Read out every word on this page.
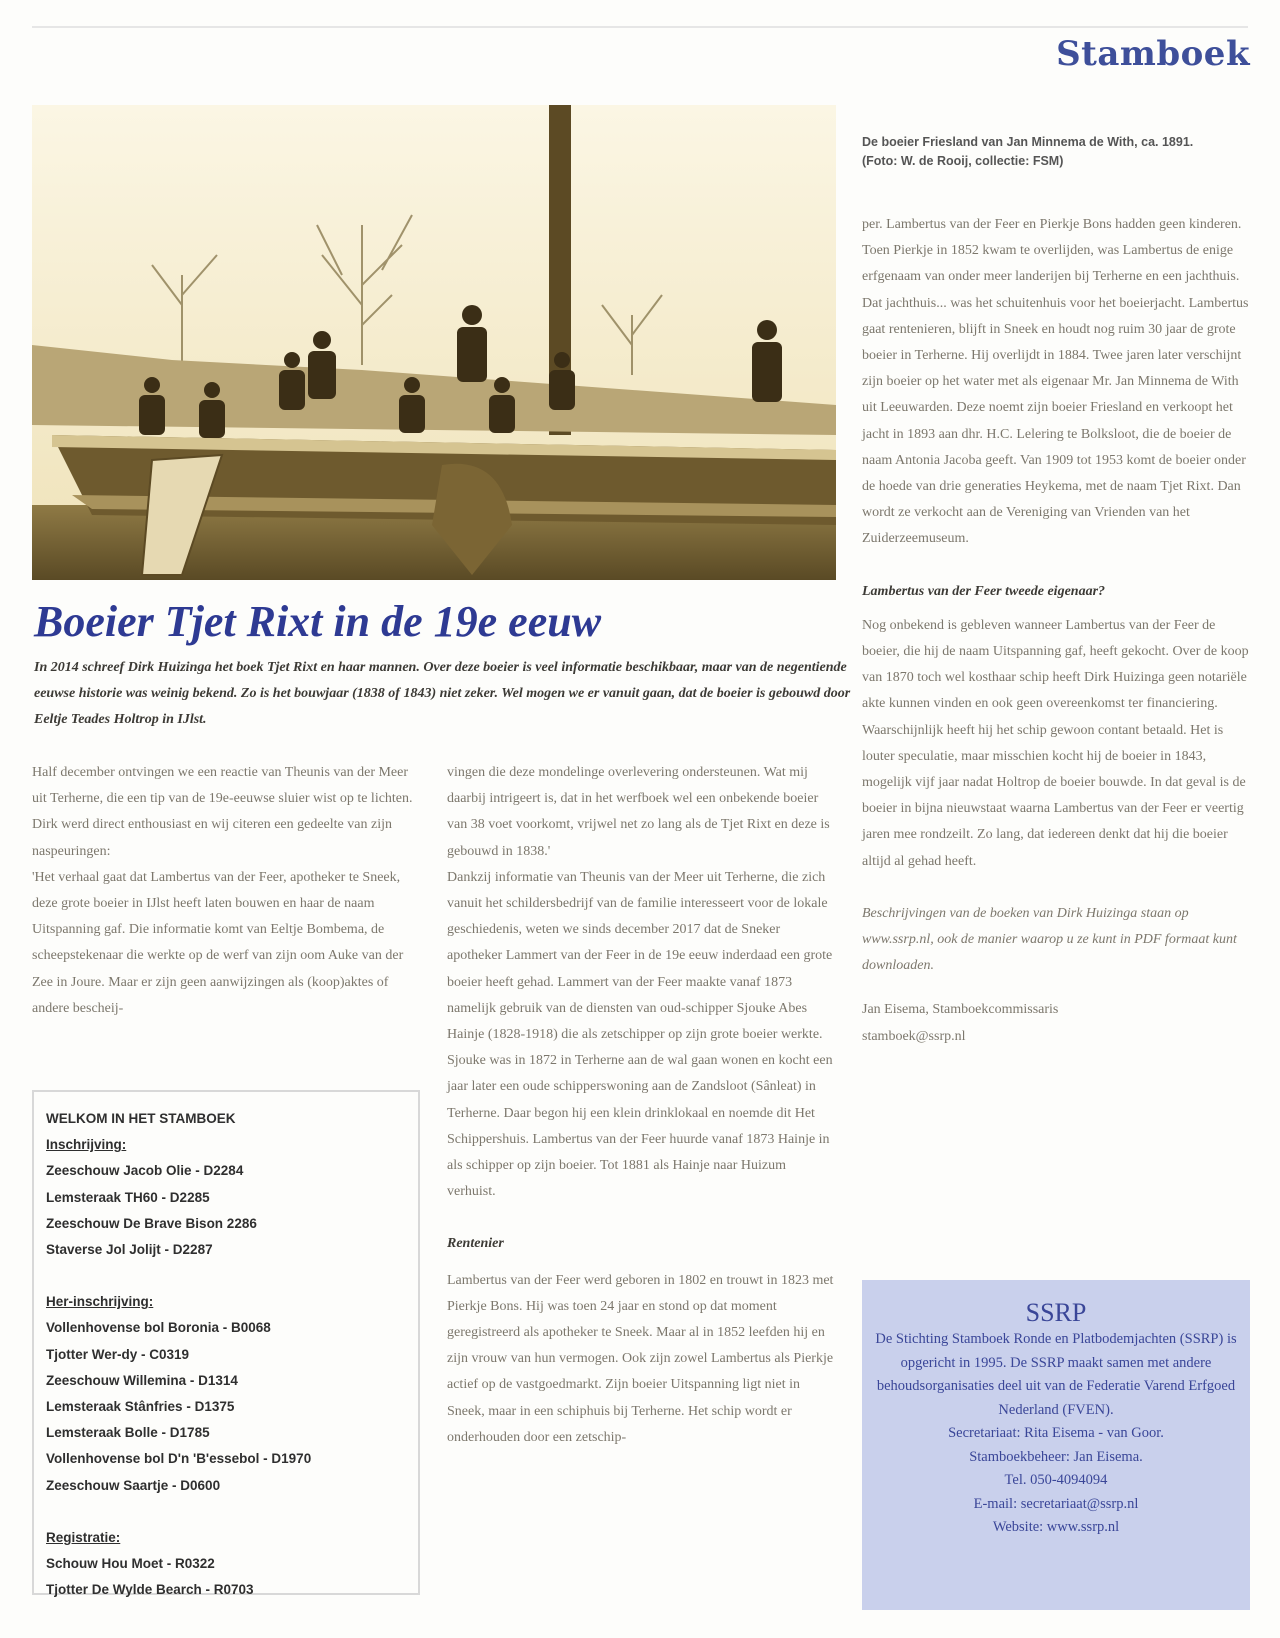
Stamboek
De boeier Friesland van Jan Minnema de With, ca. 1891. (Foto: W. de Rooij, collectie: FSM)
Boeier Tjet Rixt in de 19e eeuw

In 2014 schreef Dirk Huizinga het boek Tjet Rixt en haar mannen. Over deze boeier is veel informatie beschikbaar, maar van de negentiende eeuwse historie was weinig bekend. Zo is het bouwjaar (1838 of 1843) niet zeker. Wel mogen we er vanuit gaan, dat de boeier is gebouwd door Eeltje Teades Holtrop in IJlst.

Half december ontvingen we een reactie van Theunis van der Meer uit Terherne, die een tip van de 19e-eeuwse sluier wist op te lichten. Dirk werd direct enthousiast en wij citeren een gedeelte van zijn naspeuringen:

'Het verhaal gaat dat Lambertus van der Feer, apotheker te Sneek, deze grote boeier in IJlst heeft laten bouwen en haar de naam Uitspanning gaf. Die informatie komt van Eeltje Bombema, de scheepstekenaar die werkte op de werf van zijn oom Auke van der Zee in Joure. Maar er zijn geen aanwijzingen als (koop)aktes of andere bescheij-

WELKOM IN HET STAMBOEK
Inschrijving:
Zeeschouw Jacob Olie - D2284
Lemsteraak TH60 - D2285
Zeeschouw De Brave Bison 2286
Staverse Jol Jolijt - D2287
Her-inschrijving:
Vollenhovense bol Boronia - B0068
Tjotter Wer-dy - C0319
Zeeschouw Willemina - D1314
Lemsteraak Stânfries - D1375
Lemsteraak Bolle - D1785
Vollenhovense bol D'n 'B'essebol - D1970
Zeeschouw Saartje - D0600
Registratie:
Schouw Hou Moet - R0322
Tjotter De Wylde Bearch - R0703

vingen die deze mondelinge overlevering ondersteunen. Wat mij daarbij intrigeert is, dat in het werfboek wel een onbekende boeier van 38 voet voorkomt, vrijwel net zo lang als de Tjet Rixt en deze is gebouwd in 1838.'

Dankzij informatie van Theunis van der Meer uit Terherne, die zich vanuit het schildersbedrijf van de familie interesseert voor de lokale geschiedenis, weten we sinds december 2017 dat de Sneker apotheker Lammert van der Feer in de 19e eeuw inderdaad een grote boeier heeft gehad. Lammert van der Feer maakte vanaf 1873 namelijk gebruik van de diensten van oud-schipper Sjouke Abes Hainje (1828-1918) die als zetschipper op zijn grote boeier werkte. Sjouke was in 1872 in Terherne aan de wal gaan wonen en kocht een jaar later een oude schipperswoning aan de Zandsloot (Sânleat) in Terherne. Daar begon hij een klein drinklokaal en noemde dit Het Schippershuis. Lambertus van der Feer huurde vanaf 1873 Hainje in als schipper op zijn boeier. Tot 1881 als Hainje naar Huizum verhuist.

Rentenier

Lambertus van der Feer werd geboren in 1802 en trouwt in 1823 met Pierkje Bons. Hij was toen 24 jaar en stond op dat moment geregistreerd als apotheker te Sneek. Maar al in 1852 leefden hij en zijn vrouw van hun vermogen. Ook zijn zowel Lambertus als Pierkje actief op de vastgoedmarkt. Zijn boeier Uitspanning ligt niet in Sneek, maar in een schiphuis bij Terherne. Het schip wordt er onderhouden door een zetschip-

per. Lambertus van der Feer en Pierkje Bons hadden geen kinderen. Toen Pierkje in 1852 kwam te overlijden, was Lambertus de enige erfgenaam van onder meer landerijen bij Terherne en een jachthuis. Dat jachthuis... was het schuitenhuis voor het boeierjacht. Lambertus gaat rentenieren, blijft in Sneek en houdt nog ruim 30 jaar de grote boeier in Terherne. Hij overlijdt in 1884. Twee jaren later verschijnt zijn boeier op het water met als eigenaar Mr. Jan Minnema de With uit Leeuwarden. Deze noemt zijn boeier Friesland en verkoopt het jacht in 1893 aan dhr. H.C. Lelering te Bolksloot, die de boeier de naam Antonia Jacoba geeft. Van 1909 tot 1953 komt de boeier onder de hoede van drie generaties Heykema, met de naam Tjet Rixt. Dan wordt ze verkocht aan de Vereniging van Vrienden van het Zuiderzeemuseum.

Lambertus van der Feer tweede eigenaar?

Nog onbekend is gebleven wanneer Lambertus van der Feer de boeier, die hij de naam Uitspanning gaf, heeft gekocht. Over de koop van 1870 toch wel kosthaar schip heeft Dirk Huizinga geen notariële akte kunnen vinden en ook geen overeenkomst ter financiering. Waarschijnlijk heeft hij het schip gewoon contant betaald. Het is louter speculatie, maar misschien kocht hij de boeier in 1843, mogelijk vijf jaar nadat Holtrop de boeier bouwde. In dat geval is de boeier in bijna nieuwstaat waarna Lambertus van der Feer er veertig jaren mee rondzeilt. Zo lang, dat iedereen denkt dat hij die boeier altijd al gehad heeft.

Beschrijvingen van de boeken van Dirk Huizinga staan op www.ssrp.nl, ook de manier waarop u ze kunt in PDF formaat kunt downloaden.

Jan Eisema, Stamboekcommissaris

stamboek@ssrp.nl

SSRP
De Stichting Stamboek Ronde en Platbodemjachten (SSRP) is opgericht in 1995. De SSRP maakt samen met andere behoudsorganisaties deel uit van de Federatie Varend Erfgoed Nederland (FVEN).
Secretariaat: Rita Eisema - van Goor.
Stamboekbeheer: Jan Eisema.
Tel. 050-4094094
E-mail: secretariaat@ssrp.nl
Website: www.ssrp.nl
